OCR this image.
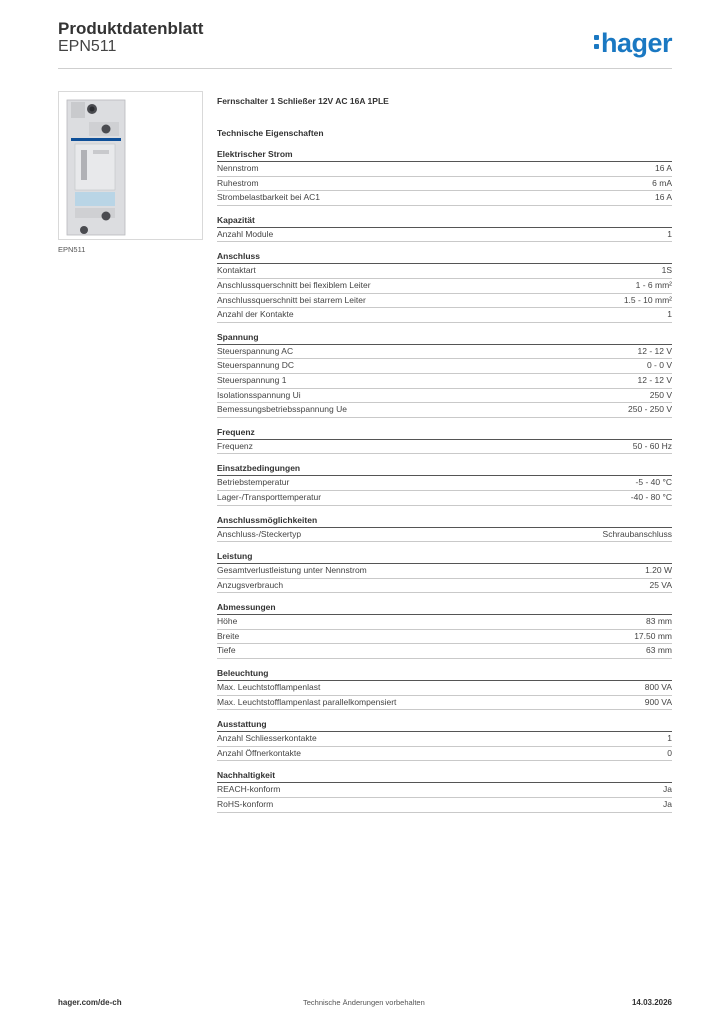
Produktdatenblatt
EPN511	hager
EPN511
Fernschalter 1 Schließer 12V AC 16A 1PLE
Technische Eigenschaften
Elektrischer Strom
Nennstrom	16 A
Ruhestrom	6 mA
Strombelastbarkeit bei AC1	16 A
Kapazität
Anzahl Module	1
Anschluss
Kontaktart	1S
Anschlussquerschnitt bei flexiblem Leiter	1 - 6 mm²
Anschlussquerschnitt bei starrem Leiter	1.5 - 10 mm²
Anzahl der Kontakte	1
Spannung
Steuerspannung AC	12 - 12 V
Steuerspannung DC	0 - 0 V
Steuerspannung 1	12 - 12 V
Isolationsspannung Ui	250 V
Bemessungsbetriebsspannung Ue	250 - 250 V
Frequenz
Frequenz	50 - 60 Hz
Einsatzbedingungen
Betriebstemperatur	-5 - 40 °C
Lager-/Transporttemperatur	-40 - 80 °C
Anschlussmöglichkeiten
Anschluss-/Steckertyp	Schraubanschluss
Leistung
Gesamtverlustleistung unter Nennstrom	1.20 W
Anzugsverbrauch	25 VA
Abmessungen
Höhe	83 mm
Breite	17.50 mm
Tiefe	63 mm
Beleuchtung
Max. Leuchtstofflampenlast	800 VA
Max. Leuchtstofflampenlast parallelkompensiert	900 VA
Ausstattung
Anzahl Schliesserkontakte	1
Anzahl Öffnerkontakte	0
Nachhaltigkeit
REACH-konform	Ja
RoHS-konform	Ja
hager.com/de-ch	Technische Änderungen vorbehalten	14.03.2026
